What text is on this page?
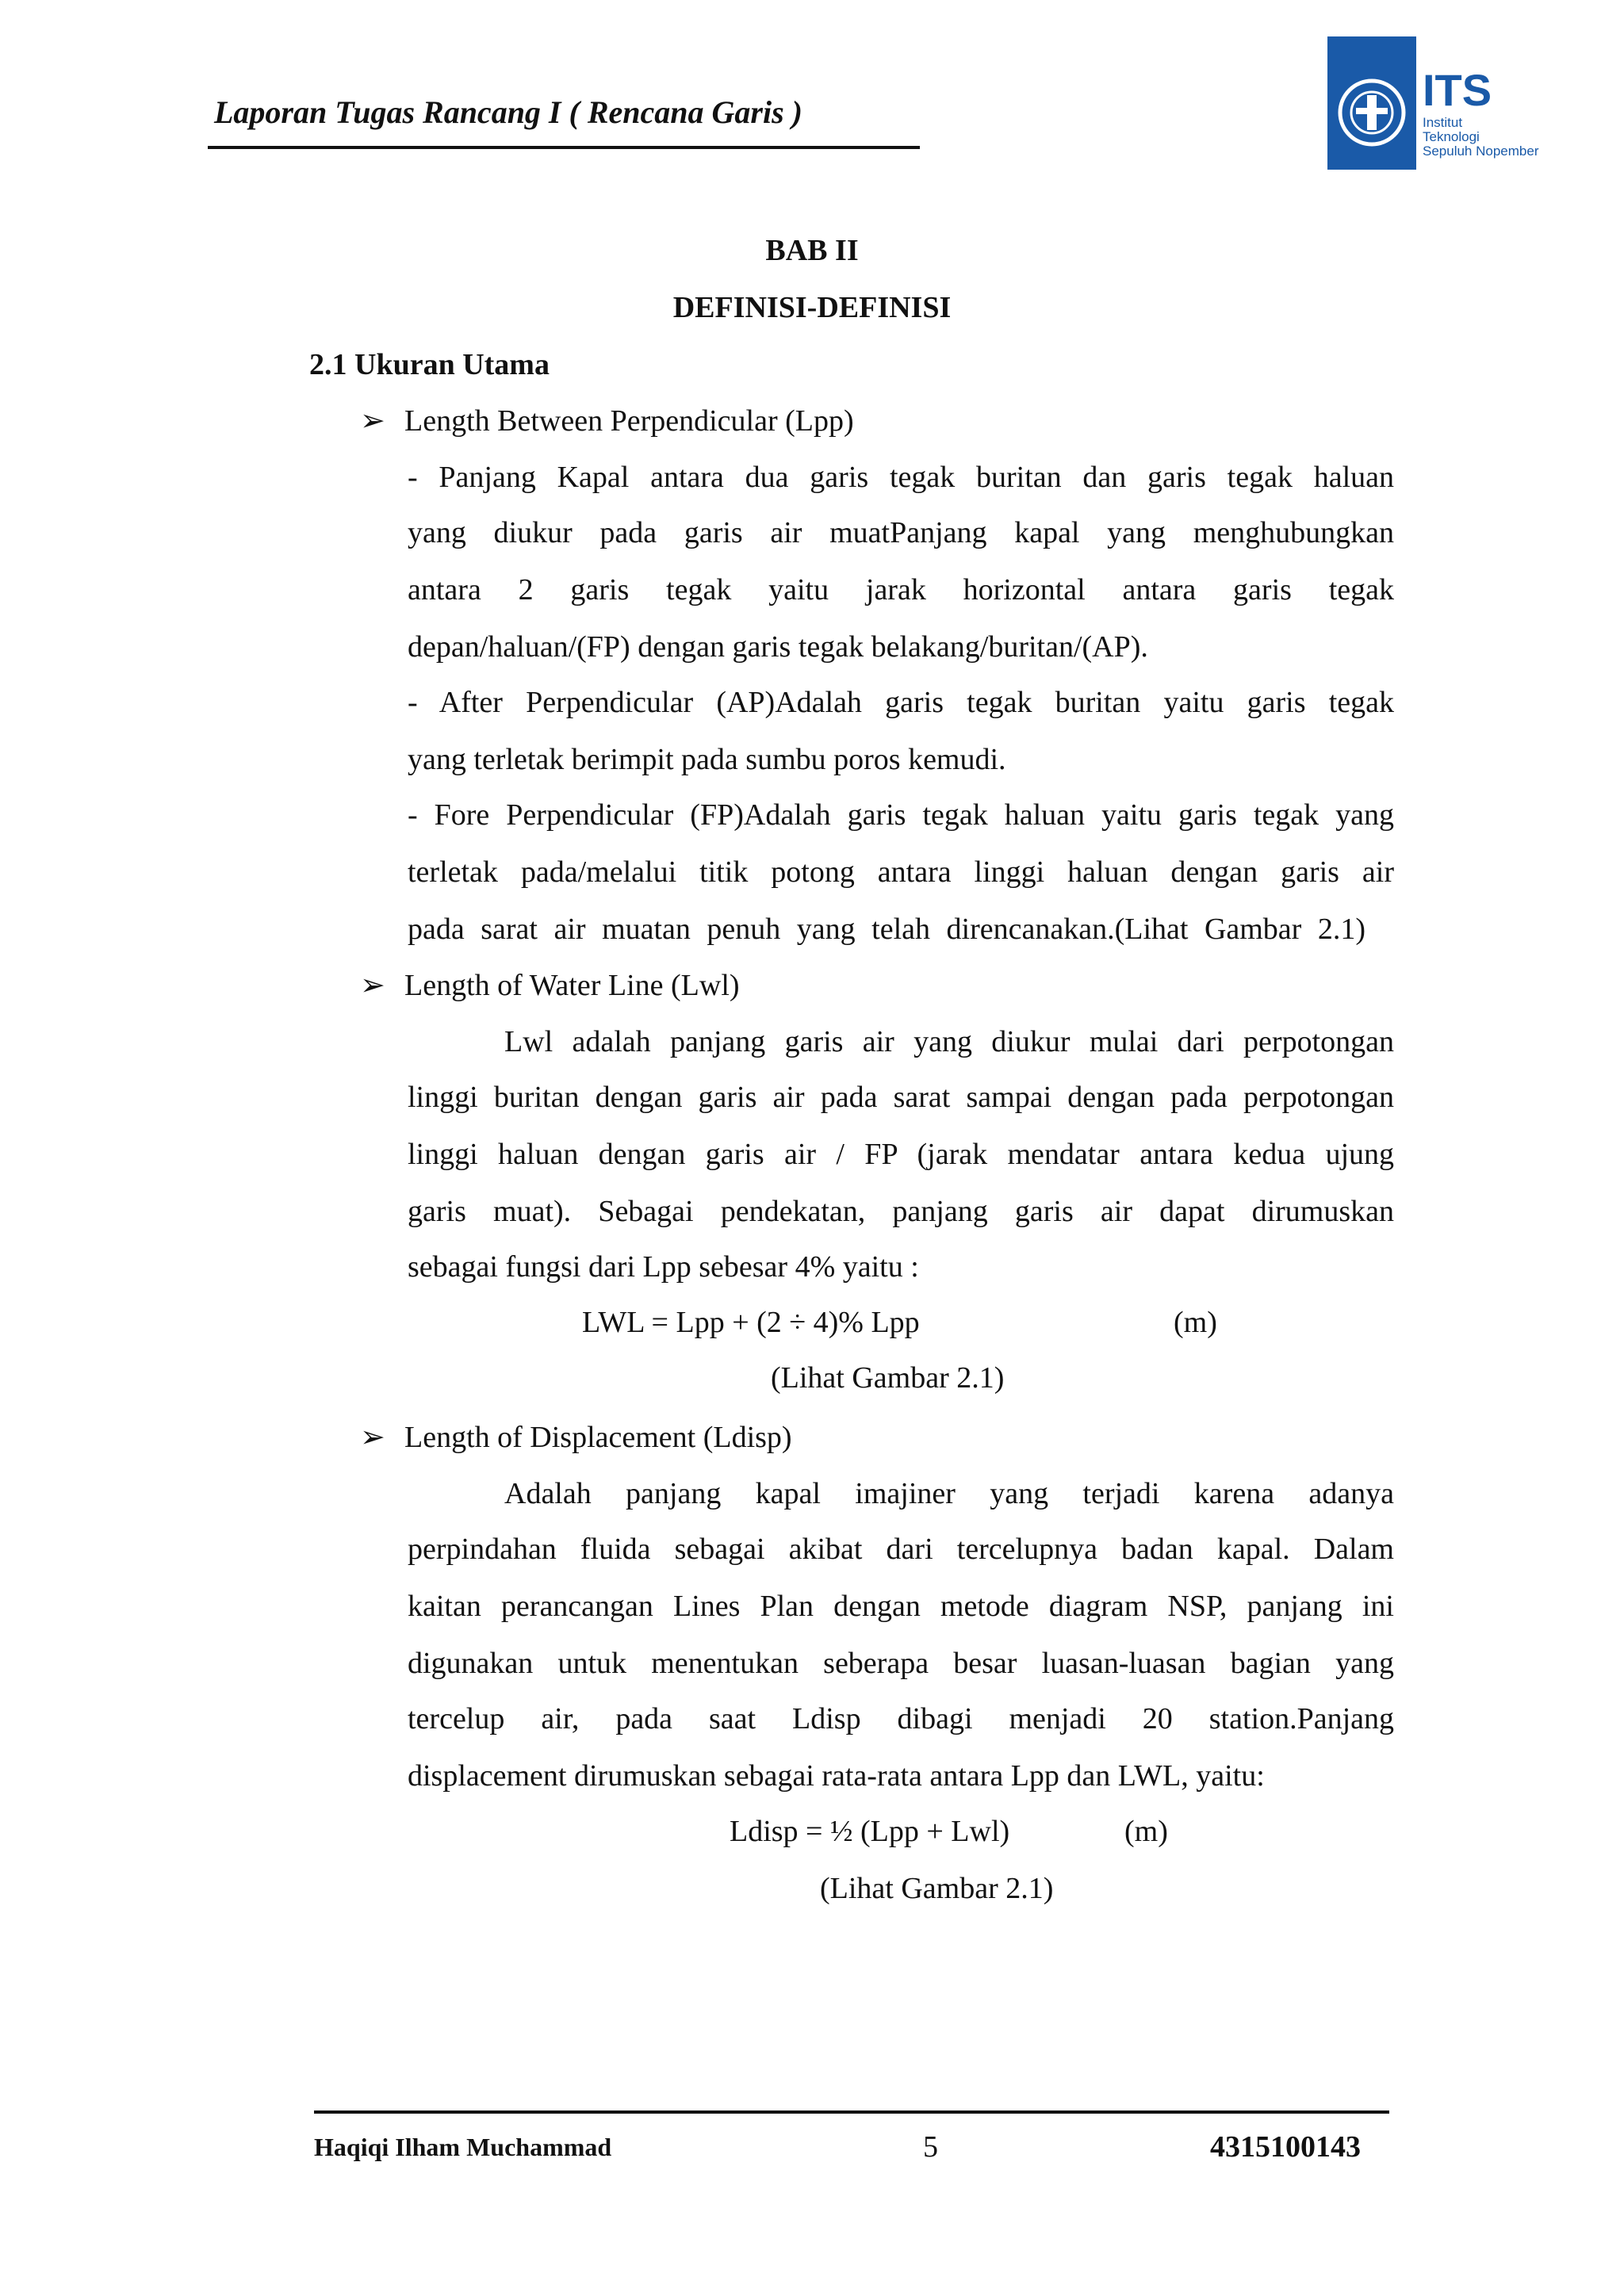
Laporan Tugas Rancang I ( Rencana Garis )	ITS
Institut
Teknologi
Sepuluh Nopember
BAB II
DEFINISI-DEFINISI
2.1 Ukuran Utama
➢ Length Between Perpendicular (Lpp)
- Panjang Kapal antara dua garis tegak buritan dan garis tegak haluan
yang diukur pada garis air muatPanjang kapal yang menghubungkan
antara 2 garis tegak yaitu jarak horizontal antara garis tegak
depan/haluan/(FP) dengan garis tegak belakang/buritan/(AP).
- After Perpendicular (AP)Adalah garis tegak buritan yaitu garis tegak
yang terletak berimpit pada sumbu poros kemudi.
- Fore Perpendicular (FP)Adalah garis tegak haluan yaitu garis tegak yang
terletak pada/melalui titik potong antara linggi haluan dengan garis air
pada sarat air muatan penuh yang telah direncanakan.(Lihat Gambar 2.1)
➢ Length of Water Line (Lwl)
Lwl adalah panjang garis air yang diukur mulai dari perpotongan
linggi buritan dengan garis air pada sarat sampai dengan pada perpotongan
linggi haluan dengan garis air / FP (jarak mendatar antara kedua ujung
garis muat). Sebagai pendekatan, panjang garis air dapat dirumuskan
sebagai fungsi dari Lpp sebesar 4% yaitu :
LWL = Lpp + (2 ÷ 4)% Lpp	(m)
(Lihat Gambar 2.1)
➢ Length of Displacement (Ldisp)
Adalah panjang kapal imajiner yang terjadi karena adanya
perpindahan fluida sebagai akibat dari tercelupnya badan kapal. Dalam
kaitan perancangan Lines Plan dengan metode diagram NSP, panjang ini
digunakan untuk menentukan seberapa besar luasan-luasan bagian yang
tercelup air, pada saat Ldisp dibagi menjadi 20 station.Panjang
displacement dirumuskan sebagai rata-rata antara Lpp dan LWL, yaitu:
Ldisp = ½ (Lpp + Lwl)	(m)
(Lihat Gambar 2.1)
Haqiqi Ilham Muchammad	5	4315100143
